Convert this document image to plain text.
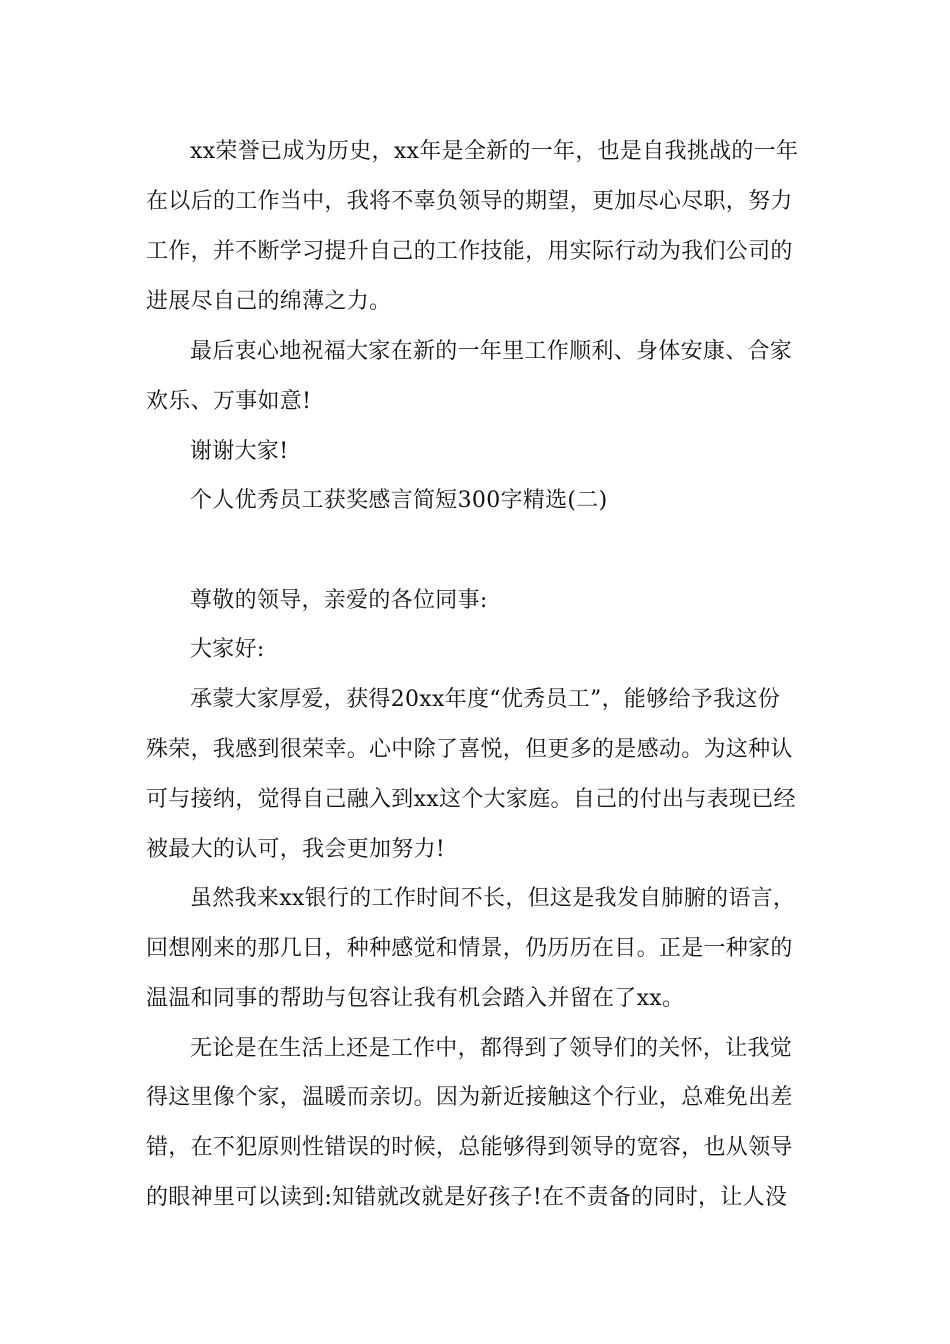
xx荣誉已成为历史，xx年是全新的一年，也是自我挑战的一年
在以后的工作当中，我将不辜负领导的期望，更加尽心尽职，努力
工作，并不断学习提升自己的工作技能，用实际行动为我们公司的
进展尽自己的绵薄之力。
最后衷心地祝福大家在新的一年里工作顺利、身体安康、合家
欢乐、万事如意!
谢谢大家!
个人优秀员工获奖感言简短300字精选(二)
尊敬的领导，亲爱的各位同事:
大家好:
承蒙大家厚爱，获得20xx年度“优秀员工”，能够给予我这份
殊荣，我感到很荣幸。心中除了喜悦，但更多的是感动。为这种认
可与接纳，觉得自己融入到xx这个大家庭。自己的付出与表现已经
被最大的认可，我会更加努力!
虽然我来xx银行的工作时间不长，但这是我发自肺腑的语言，
回想刚来的那几日，种种感觉和情景，仍历历在目。正是一种家的
温温和同事的帮助与包容让我有机会踏入并留在了xx。
无论是在生活上还是工作中，都得到了领导们的关怀，让我觉
得这里像个家，温暖而亲切。因为新近接触这个行业，总难免出差
错，在不犯原则性错误的时候，总能够得到领导的宽容，也从领导
的眼神里可以读到:知错就改就是好孩子!在不责备的同时，让人没
